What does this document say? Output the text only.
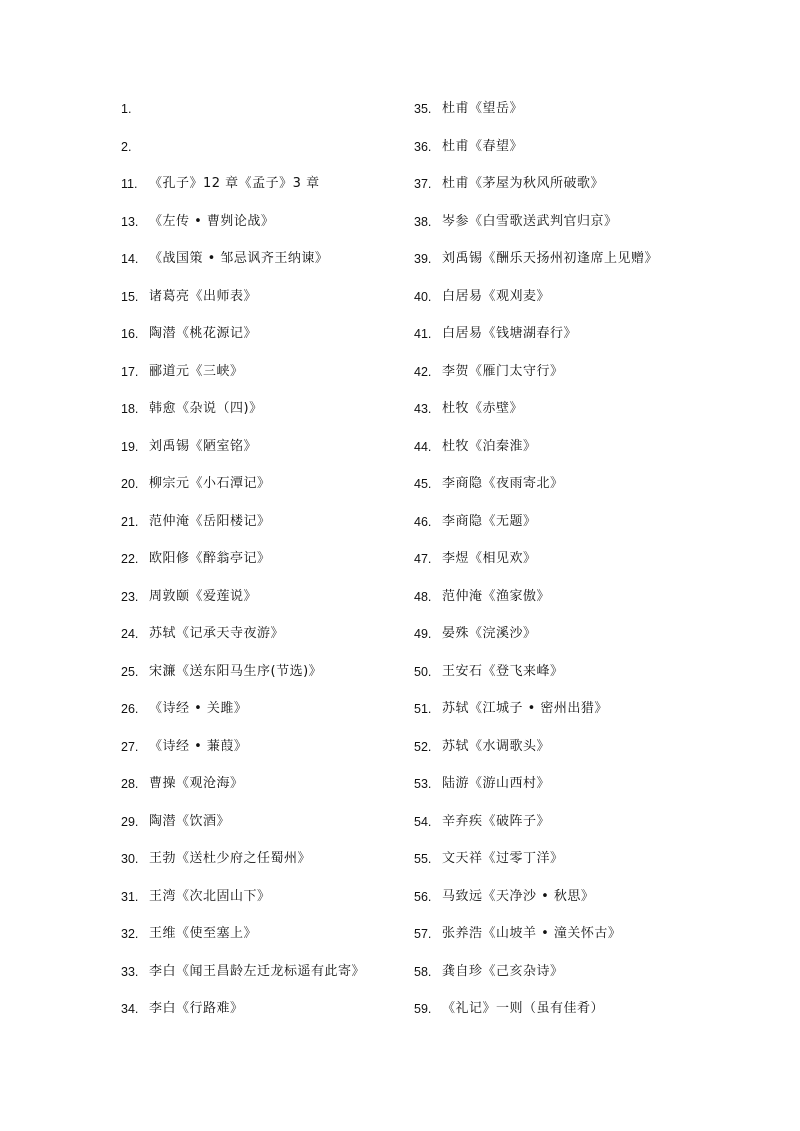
1.
2.
11. 《孔子》12 章《孟子》3 章
13. 《左传 • 曹刿论战》
14. 《战国策 • 邹忌讽齐王纳谏》
15. 诸葛亮《出师表》
16. 陶潜《桃花源记》
17. 郦道元《三峡》
18. 韩愈《杂说（四)》
19. 刘禹锡《陋室铭》
20. 柳宗元《小石潭记》
21. 范仲淹《岳阳楼记》
22. 欧阳修《醉翁亭记》
23. 周敦颐《爱莲说》
24. 苏轼《记承天寺夜游》
25. 宋濂《送东阳马生序(节选)》
26. 《诗经 • 关雎》
27. 《诗经 • 蒹葭》
28. 曹操《观沧海》
29. 陶潜《饮酒》
30. 王勃《送杜少府之任蜀州》
31. 王湾《次北固山下》
32. 王维《使至塞上》
33. 李白《闻王昌龄左迁龙标遥有此寄》
34. 李白《行路难》
35. 杜甫《望岳》
36. 杜甫《春望》
37. 杜甫《茅屋为秋风所破歌》
38. 岑参《白雪歌送武判官归京》
39. 刘禹锡《酬乐天扬州初逢席上见赠》
40. 白居易《观刈麦》
41. 白居易《钱塘湖春行》
42. 李贺《雁门太守行》
43. 杜牧《赤壁》
44. 杜牧《泊秦淮》
45. 李商隐《夜雨寄北》
46. 李商隐《无题》
47. 李煜《相见欢》
48. 范仲淹《渔家傲》
49. 晏殊《浣溪沙》
50. 王安石《登飞来峰》
51. 苏轼《江城子 • 密州出猎》
52. 苏轼《水调歌头》
53. 陆游《游山西村》
54. 辛弃疾《破阵子》
55. 文天祥《过零丁洋》
56. 马致远《天净沙 • 秋思》
57. 张养浩《山坡羊 • 潼关怀古》
58. 龚自珍《己亥杂诗》
59. 《礼记》一则（虽有佳肴）
